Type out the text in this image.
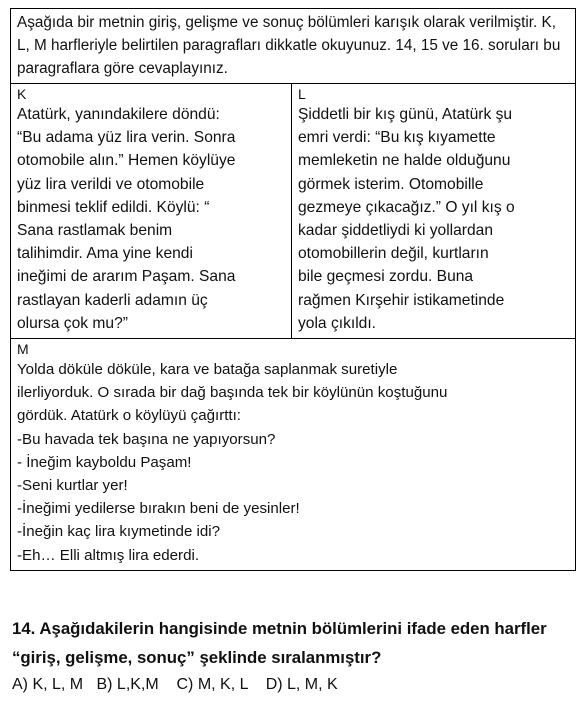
Aşağıda bir metnin giriş, gelişme ve sonuç bölümleri karışık olarak verilmiştir. K, L, M harfleriyle belirtilen paragrafları dikkatle okuyunuz. 14, 15 ve 16. soruları bu paragraflara göre cevaplayınız.

K
Atatürk, yanındakilere döndü:
“Bu adama yüz lira verin. Sonra
otomobile alın.” Hemen köylüye
yüz lira verildi ve otomobile
binmesi teklif edildi. Köylü: “
Sana rastlamak benim
talihimdir. Ama yine kendi
inеğimi de ararım Paşam. Sana
rastlayan kaderli adamın üç
olursa çok mu?”

L
Şiddetli bir kış günü, Atatürk şu
emri verdi: “Bu kış kıyamette
memleketin ne halde olduğunu
görmek isterim. Otomobille
gezmeye çıkacağız.” O yıl kış o
kadar şiddetliydi ki yollardan
otomobillerin değil, kurtların
bile geçmesi zordu. Buna
rağmen Kırşehir istikametinde
yola çıkıldı.

M
Yolda döküle döküle, kara ve batağa saplanmak suretiyle
ilerliyorduk. O sırada bir dağ başında tek bir köylünün koştuğunu
gördük. Atatürk o köylüyü çağırttı:
-Bu havada tek başına ne yapıyorsun?
- İneğim kayboldu Paşam!
-Seni kurtlar yer!
-İneğimi yedilerse bırakın beni de yesinler!
-İneğin kaç lira kıymetinde idi?
-Eh… Elli altmış lira ederdi.

14. Aşağıdakilerin hangisinde metnin bölümlerini ifade eden harfler “giriş, gelişme, sonuç” şeklinde sıralanmıştır?

A) K, L, M B) L,K,M C) M, K, L D) L, M, K
